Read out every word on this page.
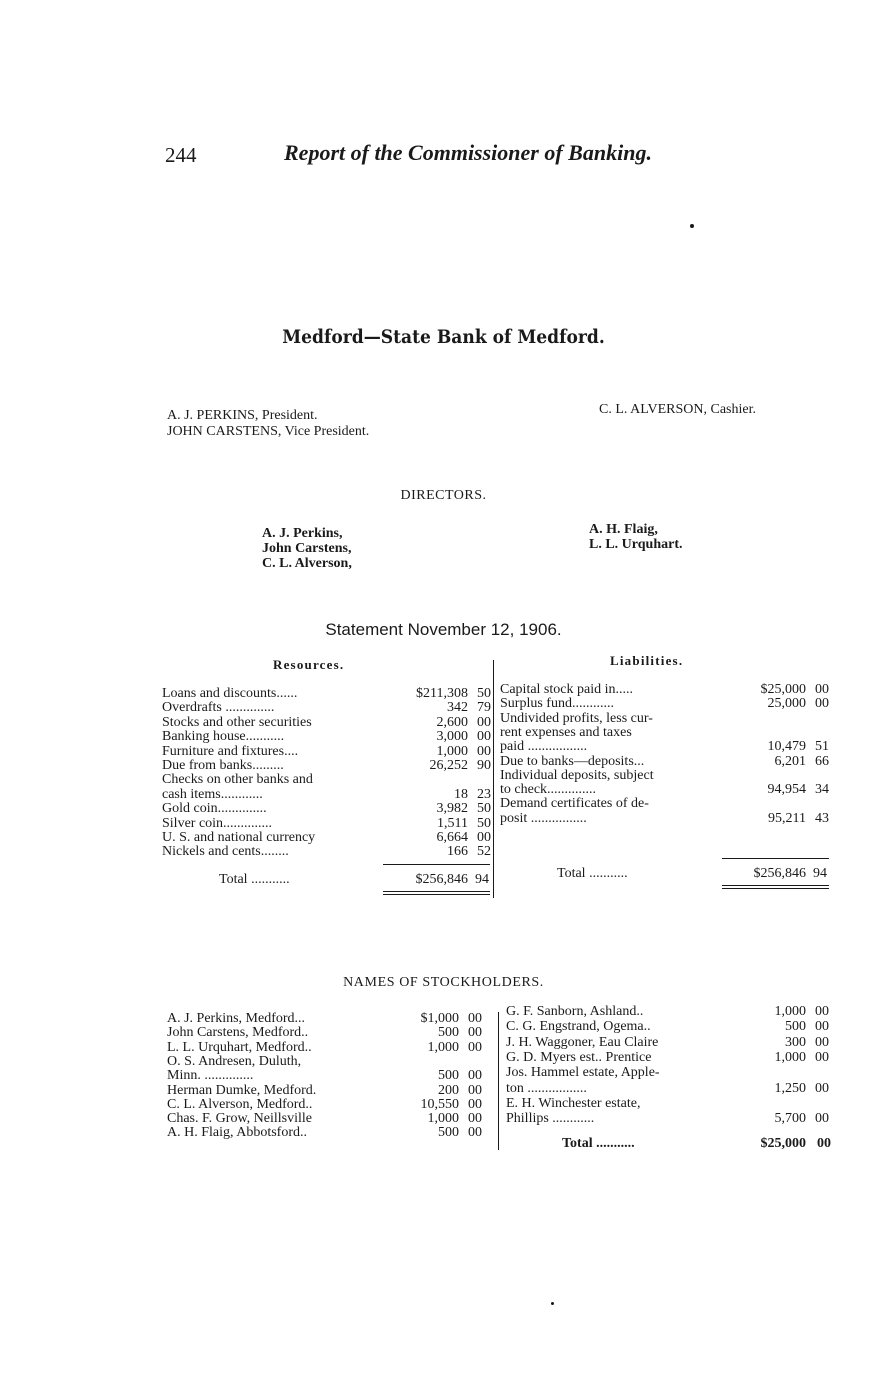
244	Report of the Commissioner of Banking.
Medford—State Bank of Medford.
A. J. PERKINS, President.
JOHN CARSTENS, Vice President.
C. L. ALVERSON, Cashier.
DIRECTORS.
A. J. Perkins,
John Carstens,
C. L. Alverson,
A. H. Flaig,
L. L. Urquhart.
Statement November 12, 1906.
Resources.	Liabilities.
Loans and discounts......	$211,308 50
Overdrafts ..............	342 79
Stocks and other securities	2,600 00
Banking house...........	3,000 00
Furniture and fixtures....	1,000 00
Due from banks.........	26,252 90
Checks on other banks and
cash items............	18 23
Gold coin..............	3,982 50
Silver coin..............	1,511 50
U. S. and national currency	6,664 00
Nickels and cents........	166 52
Capital stock paid in.....	$25,000 00
Surplus fund............	25,000 00
Undivided profits, less cur-
rent expenses and taxes
paid .................	10,479 51
Due to banks—deposits...	6,201 66
Individual deposits, subject
to check..............	94,954 34
Demand certificates of de-
posit ................	95,211 43
Total ...........	$256,846 94	Total ...........	$256,846 94
NAMES OF STOCKHOLDERS.
A. J. Perkins, Medford...	$1,000 00
John Carstens, Medford..	500 00
L. L. Urquhart, Medford..	1,000 00
O. S. Andresen, Duluth,
Minn. ..............	500 00
Herman Dumke, Medford.	200 00
C. L. Alverson, Medford..	10,550 00
Chas. F. Grow, Neillsville	1,000 00
A. H. Flaig, Abbotsford..	500 00
G. F. Sanborn, Ashland..	1,000 00
C. G. Engstrand, Ogema..	500 00
J. H. Waggoner, Eau Claire	300 00
G. D. Myers est.. Prentice	1,000 00
Jos. Hammel estate, Apple-
ton .................	1,250 00
E. H. Winchester estate,
Phillips ............	5,700 00
Total ...........	$25,000 00
